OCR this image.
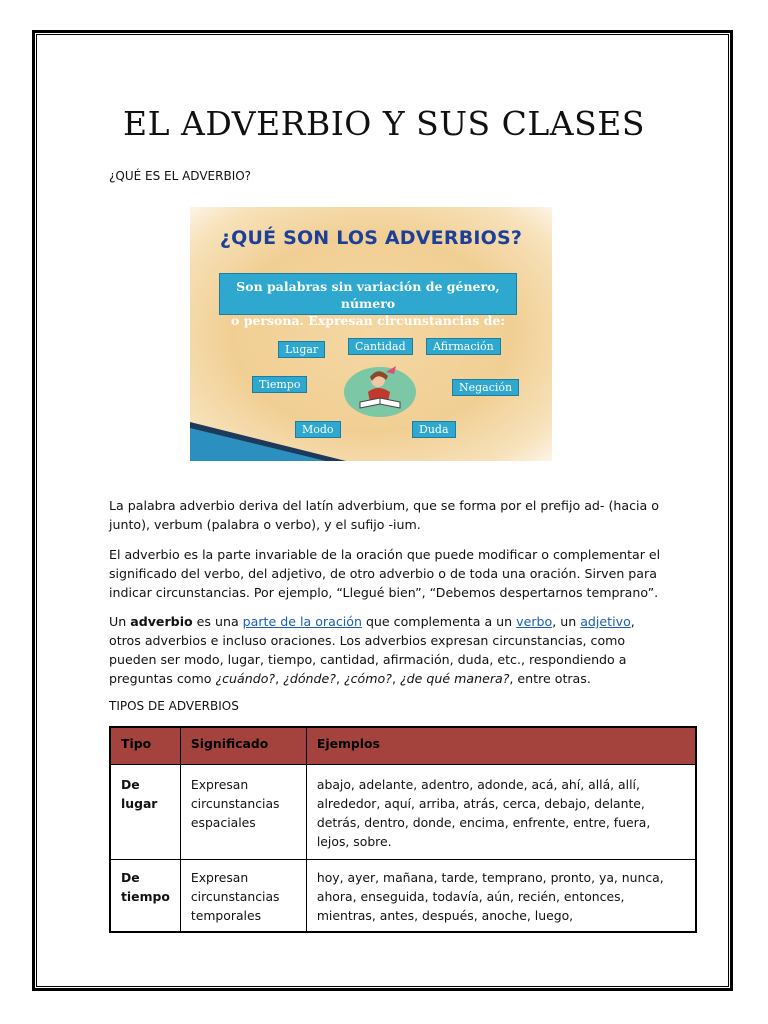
EL ADVERBIO Y SUS CLASES
¿QUÉ ES EL ADVERBIO?
¿QUÉ SON LOS ADVERBIOS?
Son palabras sin variación de género, número
o persona. Expresan circunstancias de:
Lugar	Cantidad	Afirmación
Tiempo	Negación
Modo	Duda
La palabra adverbio deriva del latín adverbium, que se forma por el prefijo ad- (hacia o junto), verbum (palabra o verbo), y el sufijo -ium.
El adverbio es la parte invariable de la oración que puede modificar o complementar el significado del verbo, del adjetivo, de otro adverbio o de toda una oración. Sirven para indicar circunstancias. Por ejemplo, “Llegué bien”, “Debemos despertarnos temprano”.
Un adverbio es una parte de la oración que complementa a un verbo, un adjetivo, otros adverbios e incluso oraciones. Los adverbios expresan circunstancias, como pueden ser modo, lugar, tiempo, cantidad, afirmación, duda, etc., respondiendo a preguntas como ¿cuándo?, ¿dónde?, ¿cómo?, ¿de qué manera?, entre otras.
TIPOS DE ADVERBIOS
Tipo	Significado	Ejemplos
De lugar	Expresan circunstancias espaciales	abajo, adelante, adentro, adonde, acá, ahí, allá, allí, alrededor, aquí, arriba, atrás, cerca, debajo, delante, detrás, dentro, donde, encima, enfrente, entre, fuera, lejos, sobre.
De tiempo	Expresan circunstancias temporales	hoy, ayer, mañana, tarde, temprano, pronto, ya, nunca, ahora, enseguida, todavía, aún, recién, entonces, mientras, antes, después, anoche, luego,
